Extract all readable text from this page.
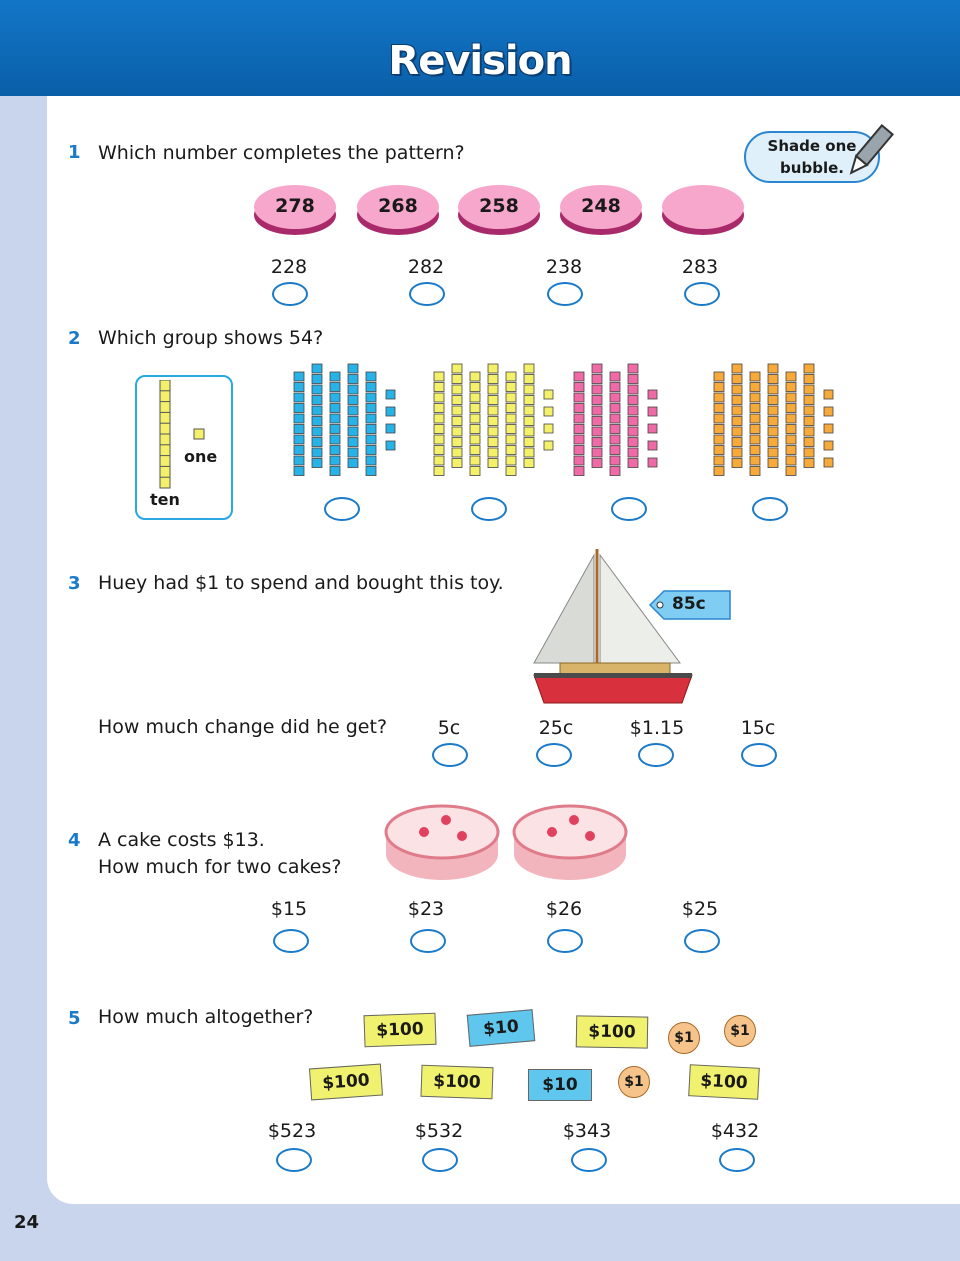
Revision
Shade one
bubble.
1 Which number completes the pattern?
278	268	258	248
228	282	238	283
2 Which group shows 54?
one
ten
3 Huey had $1 to spend and bought this toy.
85c
How much change did he get?	5c	25c	$1.15	15c
4 A cake costs $13.
How much for two cakes?
$15	$23	$26	$25
5 How much altogether?
$100	$10	$100	$1	$1
$100	$100	$10	$1	$100
$523	$532	$343	$432
24
